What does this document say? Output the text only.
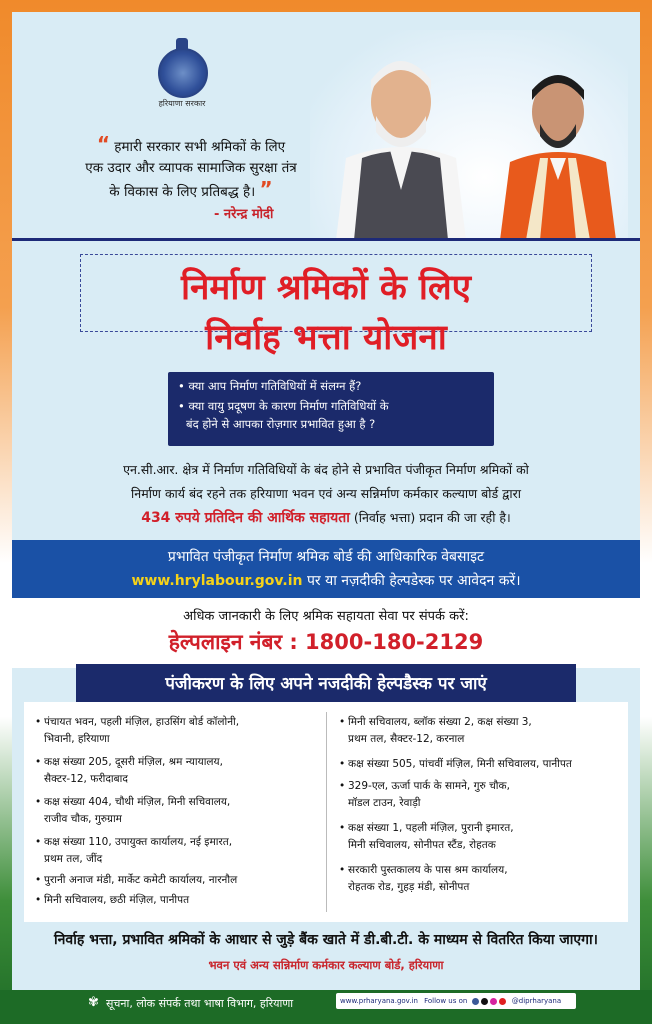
हरियाणा सरकार
“ हमारी सरकार सभी श्रमिकों के लिए
एक उदार और व्यापक सामाजिक सुरक्षा तंत्र
के विकास के लिए प्रतिबद्ध है। ”
- नरेन्द्र मोदी
निर्माण श्रमिकों के लिए
निर्वाह भत्ता योजना
• क्या आप निर्माण गतिविधियों में संलग्न हैं?
• क्या वायु प्रदूषण के कारण निर्माण गतिविधियों के
बंद होने से आपका रोज़गार प्रभावित हुआ है ?
एन.सी.आर. क्षेत्र में निर्माण गतिविधियों के बंद होने से प्रभावित पंजीकृत निर्माण श्रमिकों को
निर्माण कार्य बंद रहने तक हरियाणा भवन एवं अन्य सन्निर्माण कर्मकार कल्याण बोर्ड द्वारा
434 रुपये प्रतिदिन की आर्थिक सहायता (निर्वाह भत्ता) प्रदान की जा रही है।
प्रभावित पंजीकृत निर्माण श्रमिक बोर्ड की आधिकारिक वेबसाइट
www.hrylabour.gov.in पर या नज़दीकी हेल्पडेस्क पर आवेदन करें।
अधिक जानकारी के लिए श्रमिक सहायता सेवा पर संपर्क करें:
हेल्पलाइन नंबर : 1800-180-2129
पंजीकरण के लिए अपने नजदीकी हेल्पडैस्क पर जाएं
• पंचायत भवन, पहली मंज़िल, हाउसिंग बोर्ड कॉलोनी,
भिवानी, हरियाणा
• कक्ष संख्या 205, दूसरी मंज़िल, श्रम न्यायालय,
सैक्टर-12, फरीदाबाद
• कक्ष संख्या 404, चौथी मंज़िल, मिनी सचिवालय,
राजीव चौक, गुरुग्राम
• कक्ष संख्या 110, उपायुक्त कार्यालय, नई इमारत,
प्रथम तल, जींद
• पुरानी अनाज मंडी, मार्केट कमेटी कार्यालय, नारनौल
• मिनी सचिवालय, छठी मंज़िल, पानीपत
• मिनी सचिवालय, ब्लॉक संख्या 2, कक्ष संख्या 3,
प्रथम तल, सैक्टर-12, करनाल
• कक्ष संख्या 505, पांचवीं मंज़िल, मिनी सचिवालय, पानीपत
• 329-एल, ऊर्जा पार्क के सामने, गुरु चौक,
मॉडल टाउन, रेवाड़ी
• कक्ष संख्या 1, पहली मंज़िल, पुरानी इमारत,
मिनी सचिवालय, सोनीपत स्टैंड, रोहतक
• सरकारी पुस्तकालय के पास श्रम कार्यालय,
रोहतक रोड, गुहड़ मंडी, सोनीपत
निर्वाह भत्ता, प्रभावित श्रमिकों के आधार से जुड़े बैंक खाते में डी.बी.टी. के माध्यम से वितरित किया जाएगा।
भवन एवं अन्य सन्निर्माण कर्मकार कल्याण बोर्ड, हरियाणा
✾ सूचना, लोक संपर्क तथा भाषा विभाग, हरियाणा	www.prharyana.gov.in Follow us on	@diprharyana
